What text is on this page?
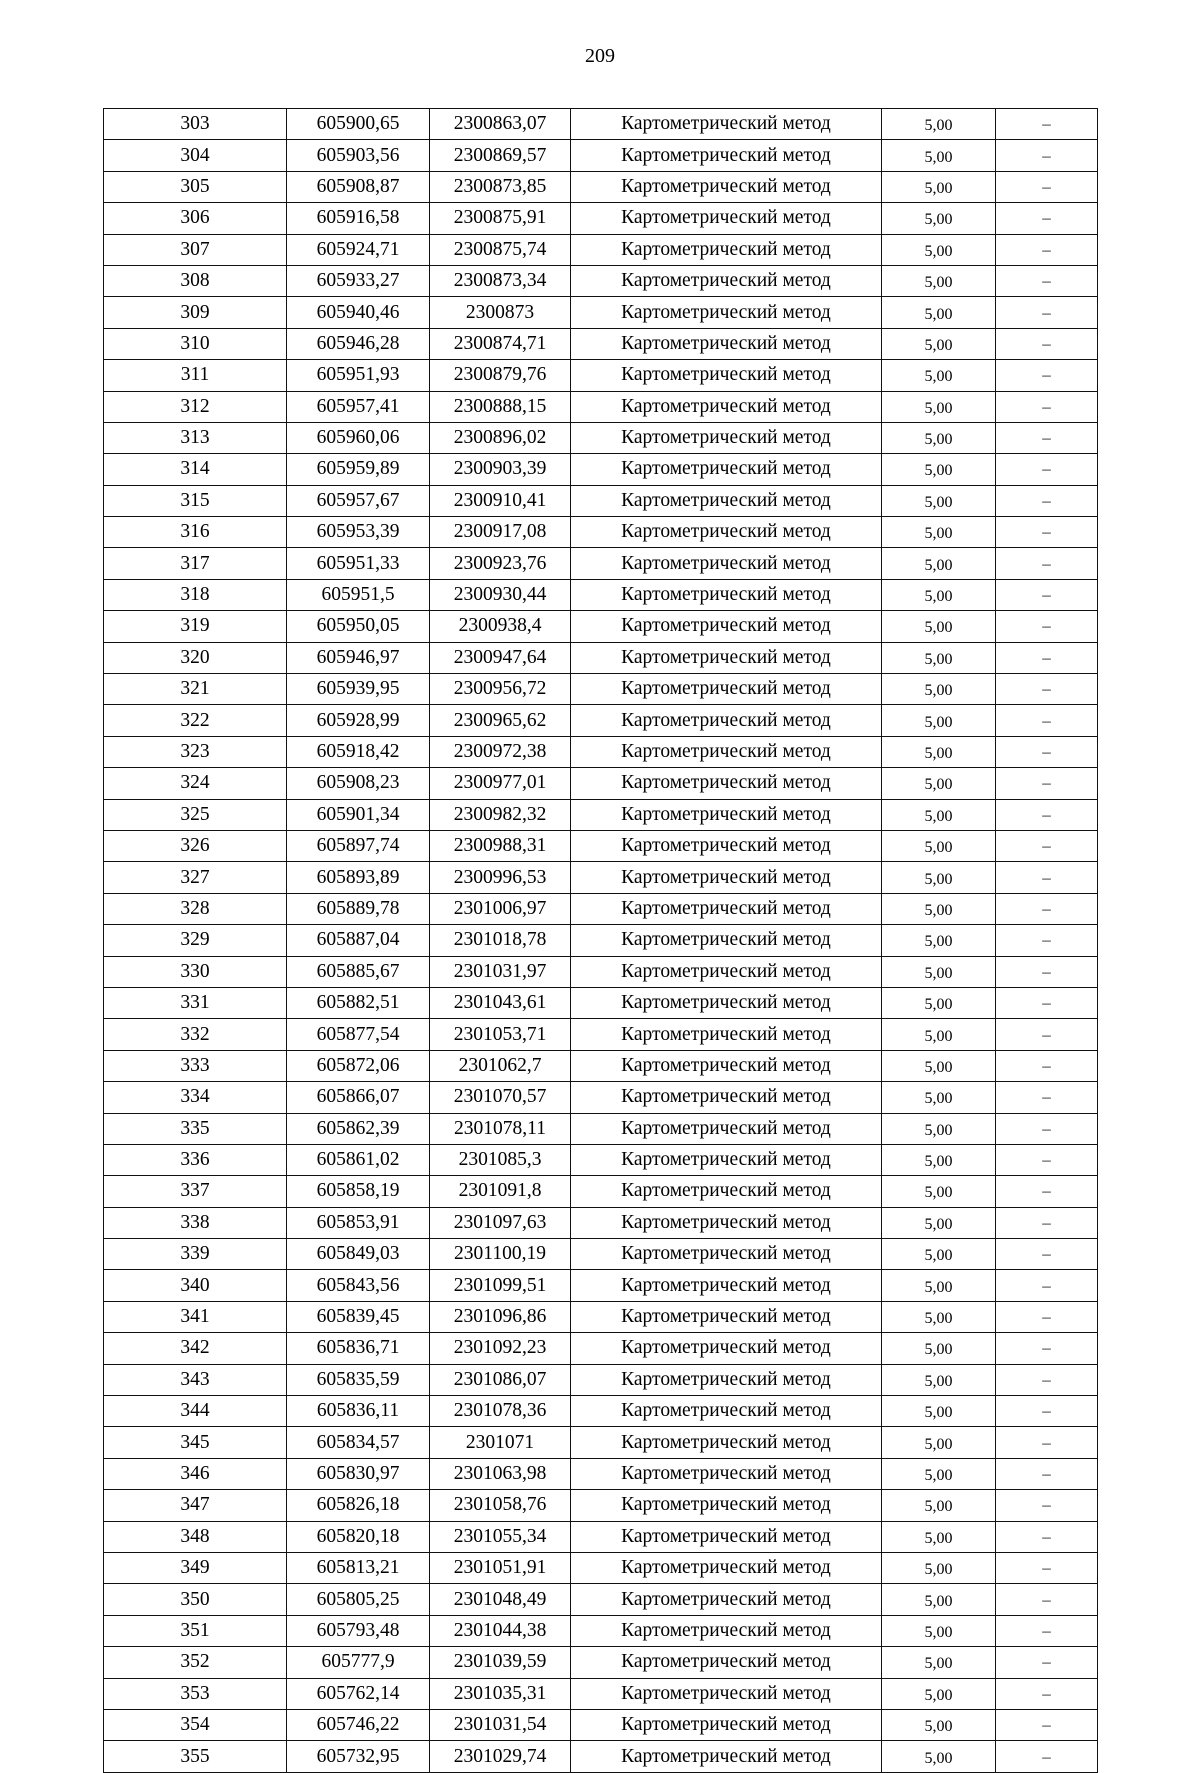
209
303	605900,65	2300863,07	Картометрический метод	5,00	–
304	605903,56	2300869,57	Картометрический метод	5,00	–
305	605908,87	2300873,85	Картометрический метод	5,00	–
306	605916,58	2300875,91	Картометрический метод	5,00	–
307	605924,71	2300875,74	Картометрический метод	5,00	–
308	605933,27	2300873,34	Картометрический метод	5,00	–
309	605940,46	2300873	Картометрический метод	5,00	–
310	605946,28	2300874,71	Картометрический метод	5,00	–
311	605951,93	2300879,76	Картометрический метод	5,00	–
312	605957,41	2300888,15	Картометрический метод	5,00	–
313	605960,06	2300896,02	Картометрический метод	5,00	–
314	605959,89	2300903,39	Картометрический метод	5,00	–
315	605957,67	2300910,41	Картометрический метод	5,00	–
316	605953,39	2300917,08	Картометрический метод	5,00	–
317	605951,33	2300923,76	Картометрический метод	5,00	–
318	605951,5	2300930,44	Картометрический метод	5,00	–
319	605950,05	2300938,4	Картометрический метод	5,00	–
320	605946,97	2300947,64	Картометрический метод	5,00	–
321	605939,95	2300956,72	Картометрический метод	5,00	–
322	605928,99	2300965,62	Картометрический метод	5,00	–
323	605918,42	2300972,38	Картометрический метод	5,00	–
324	605908,23	2300977,01	Картометрический метод	5,00	–
325	605901,34	2300982,32	Картометрический метод	5,00	–
326	605897,74	2300988,31	Картометрический метод	5,00	–
327	605893,89	2300996,53	Картометрический метод	5,00	–
328	605889,78	2301006,97	Картометрический метод	5,00	–
329	605887,04	2301018,78	Картометрический метод	5,00	–
330	605885,67	2301031,97	Картометрический метод	5,00	–
331	605882,51	2301043,61	Картометрический метод	5,00	–
332	605877,54	2301053,71	Картометрический метод	5,00	–
333	605872,06	2301062,7	Картометрический метод	5,00	–
334	605866,07	2301070,57	Картометрический метод	5,00	–
335	605862,39	2301078,11	Картометрический метод	5,00	–
336	605861,02	2301085,3	Картометрический метод	5,00	–
337	605858,19	2301091,8	Картометрический метод	5,00	–
338	605853,91	2301097,63	Картометрический метод	5,00	–
339	605849,03	2301100,19	Картометрический метод	5,00	–
340	605843,56	2301099,51	Картометрический метод	5,00	–
341	605839,45	2301096,86	Картометрический метод	5,00	–
342	605836,71	2301092,23	Картометрический метод	5,00	–
343	605835,59	2301086,07	Картометрический метод	5,00	–
344	605836,11	2301078,36	Картометрический метод	5,00	–
345	605834,57	2301071	Картометрический метод	5,00	–
346	605830,97	2301063,98	Картометрический метод	5,00	–
347	605826,18	2301058,76	Картометрический метод	5,00	–
348	605820,18	2301055,34	Картометрический метод	5,00	–
349	605813,21	2301051,91	Картометрический метод	5,00	–
350	605805,25	2301048,49	Картометрический метод	5,00	–
351	605793,48	2301044,38	Картометрический метод	5,00	–
352	605777,9	2301039,59	Картометрический метод	5,00	–
353	605762,14	2301035,31	Картометрический метод	5,00	–
354	605746,22	2301031,54	Картометрический метод	5,00	–
355	605732,95	2301029,74	Картометрический метод	5,00	–
